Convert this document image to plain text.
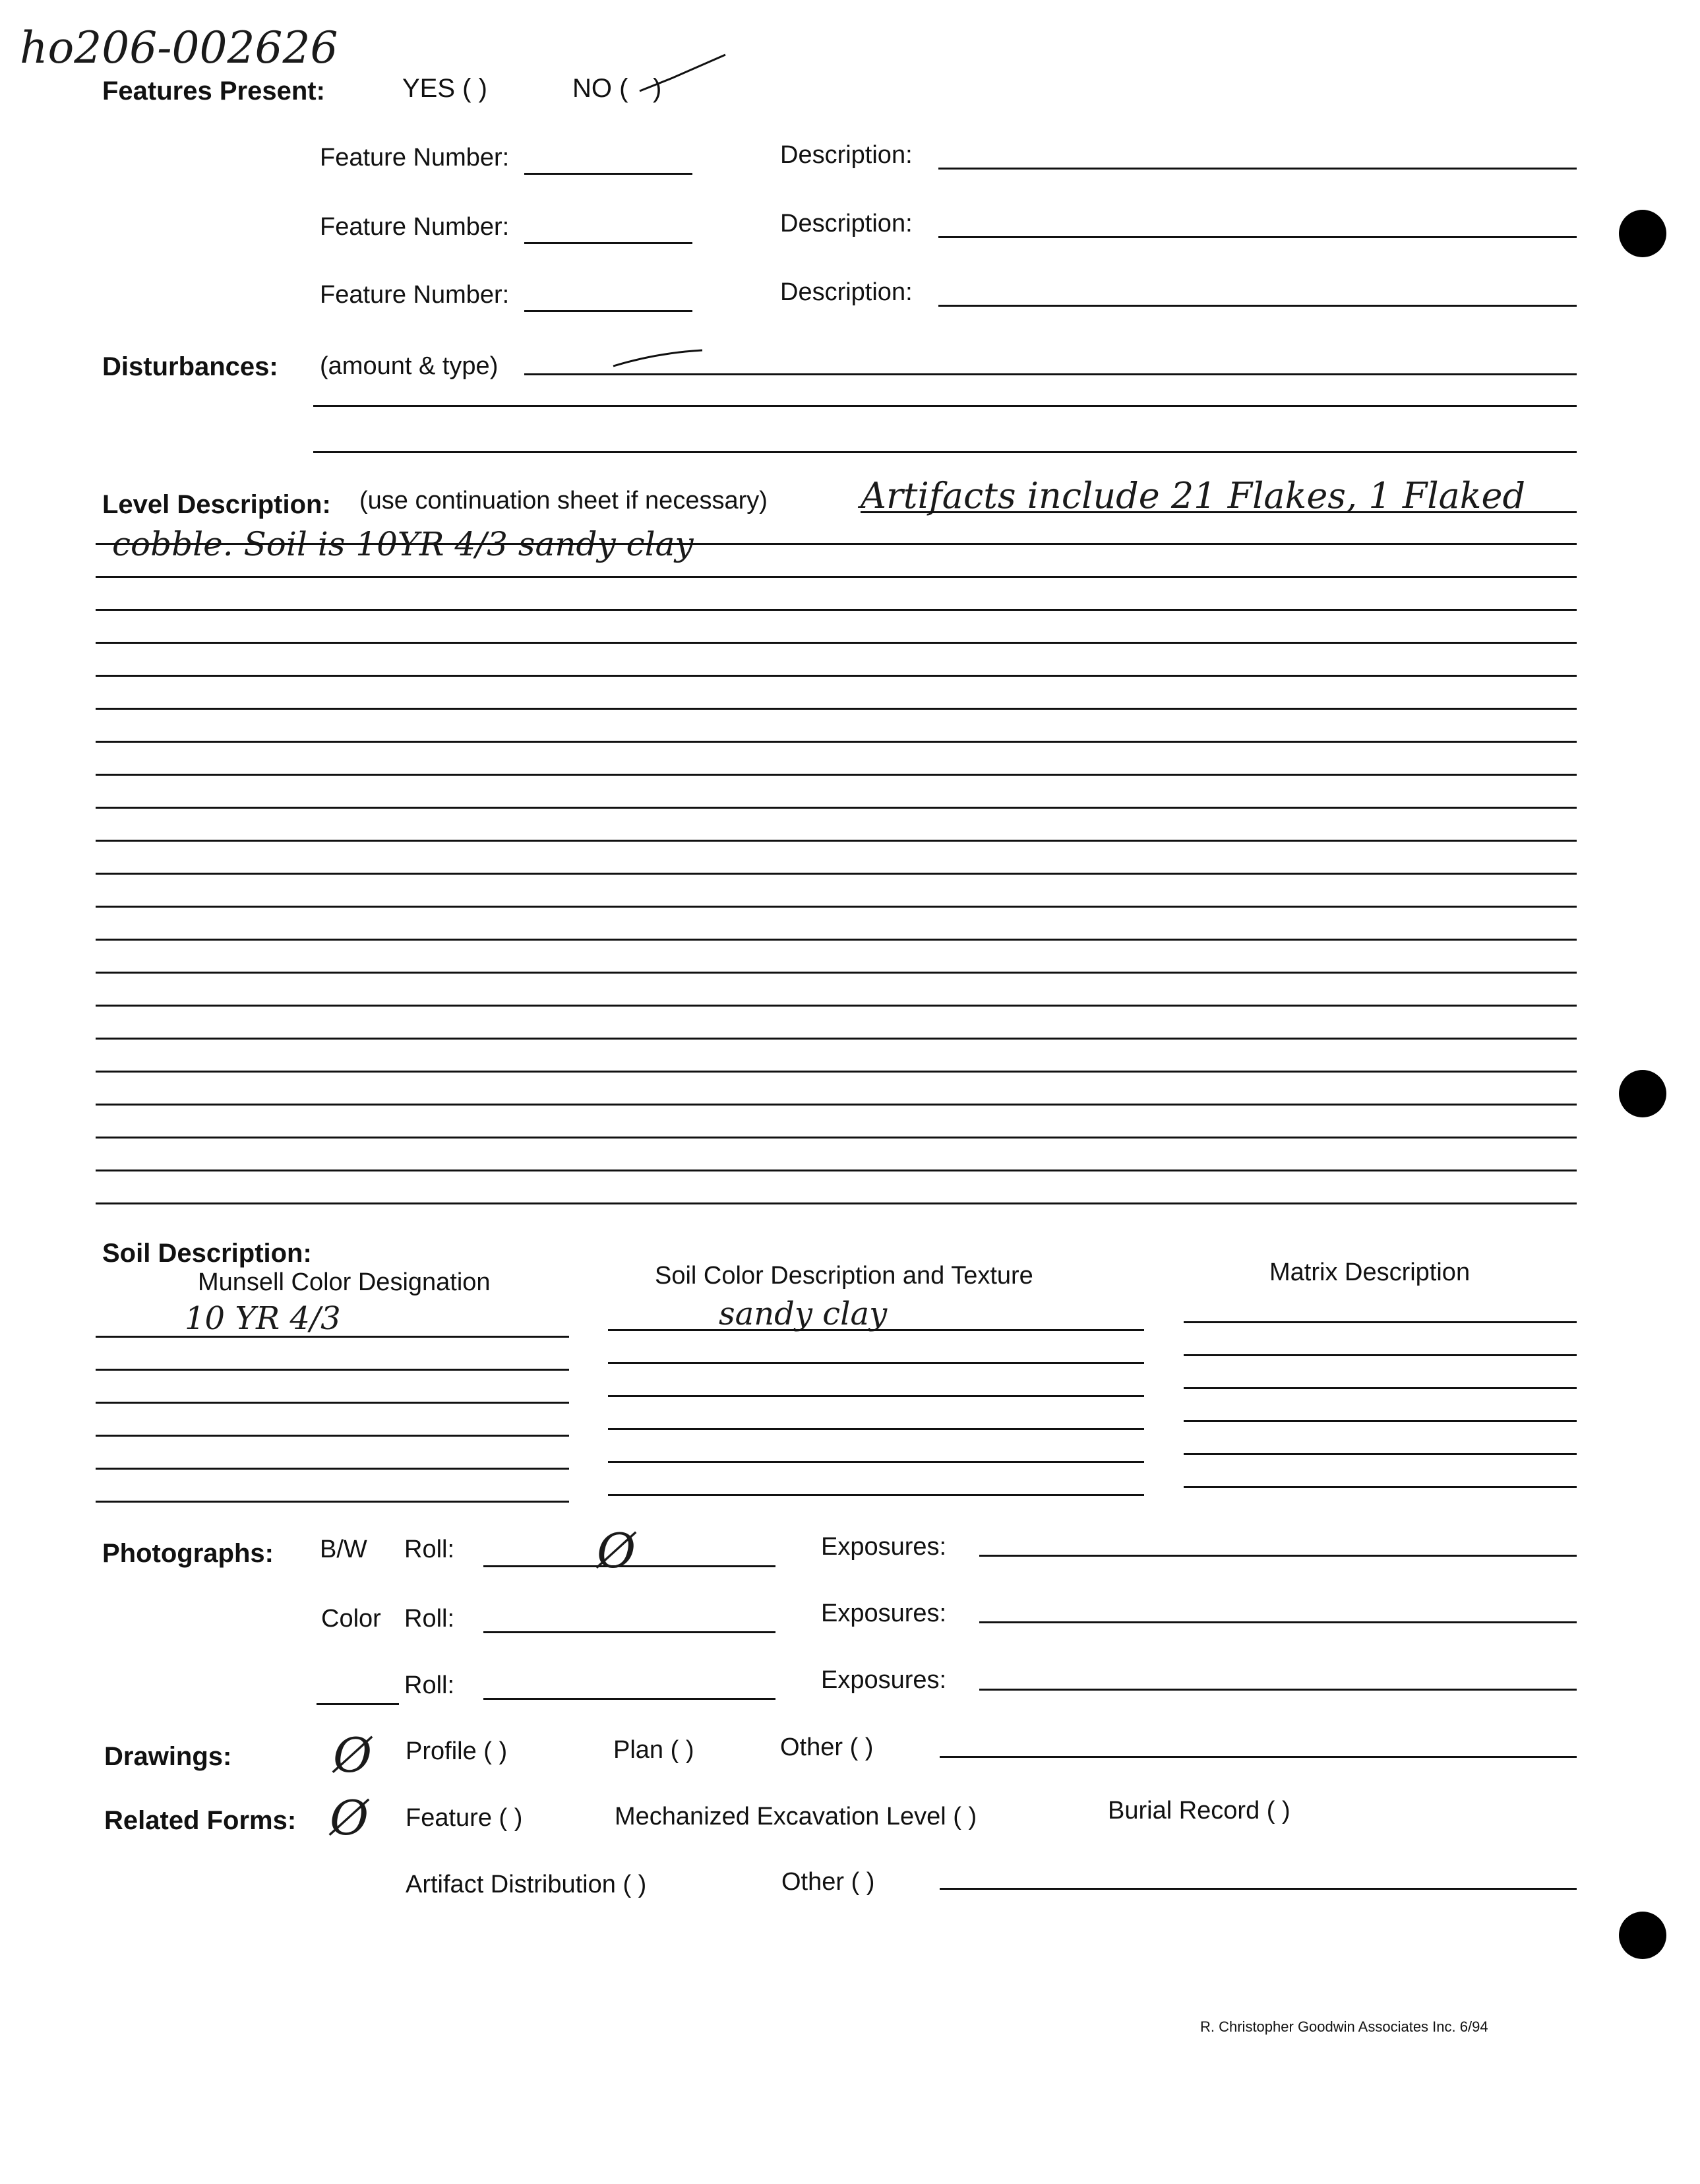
ho206-002626
Features Present:	YES ( )	NO ( )
Feature Number:	Description:
Feature Number:	Description:
Feature Number:	Description:
Disturbances: (amount & type)
Level Description: (use continuation sheet if necessary)	Artifacts include 21 Flakes, 1 Flaked
cobble. Soil is 10YR 4/3 sandy clay
Soil Description:
Munsell Color Designation	Soil Color Description and Texture	Matrix Description
10 YR 4/3	sandy clay
Photographs: B/W Roll:	Ø	Exposures:
Color Roll:	Exposures:
Roll:	Exposures:
Drawings: Ø Profile ( )	Plan ( )	Other ( )
Related Forms: Ø Feature ( )	Mechanized Excavation Level ( )	Burial Record ( )
Artifact Distribution ( )	Other ( )
R. Christopher Goodwin Associates Inc. 6/94
